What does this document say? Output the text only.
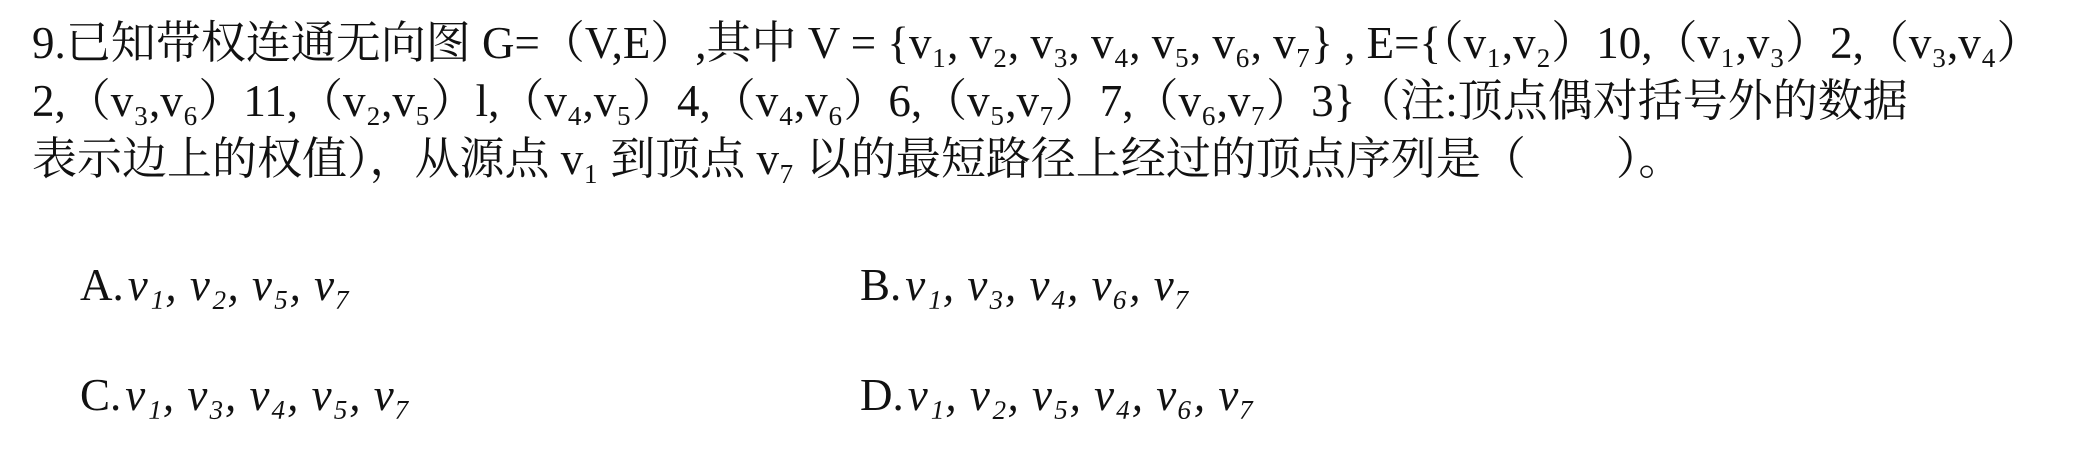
9.已知带权连通无向图 G=（V,E）,其中 V = {v₁, v₂, v₃, v₄, v₅, v₆, v₇} , E={（v₁,v₂）10,（v₁,v₃）2,（v₃,v₄）
2,（v₃,v₆）11,（v₂,v₅）l,（v₄,v₅）4,（v₄,v₆）6,（v₅,v₇）7,（v₆,v₇）3}（注:顶点偶对括号外的数据
表示边上的权值），从源点 v₁ 到顶点 v₇ 以的最短路径上经过的顶点序列是（　　）。
A.v₁, v₂, v₅, v₇	B.v₁, v₃, v₄, v₆, v₇
C.v₁, v₃, v₄, v₅, v₇	D.v₁, v₂, v₅, v₄, v₆, v₇
